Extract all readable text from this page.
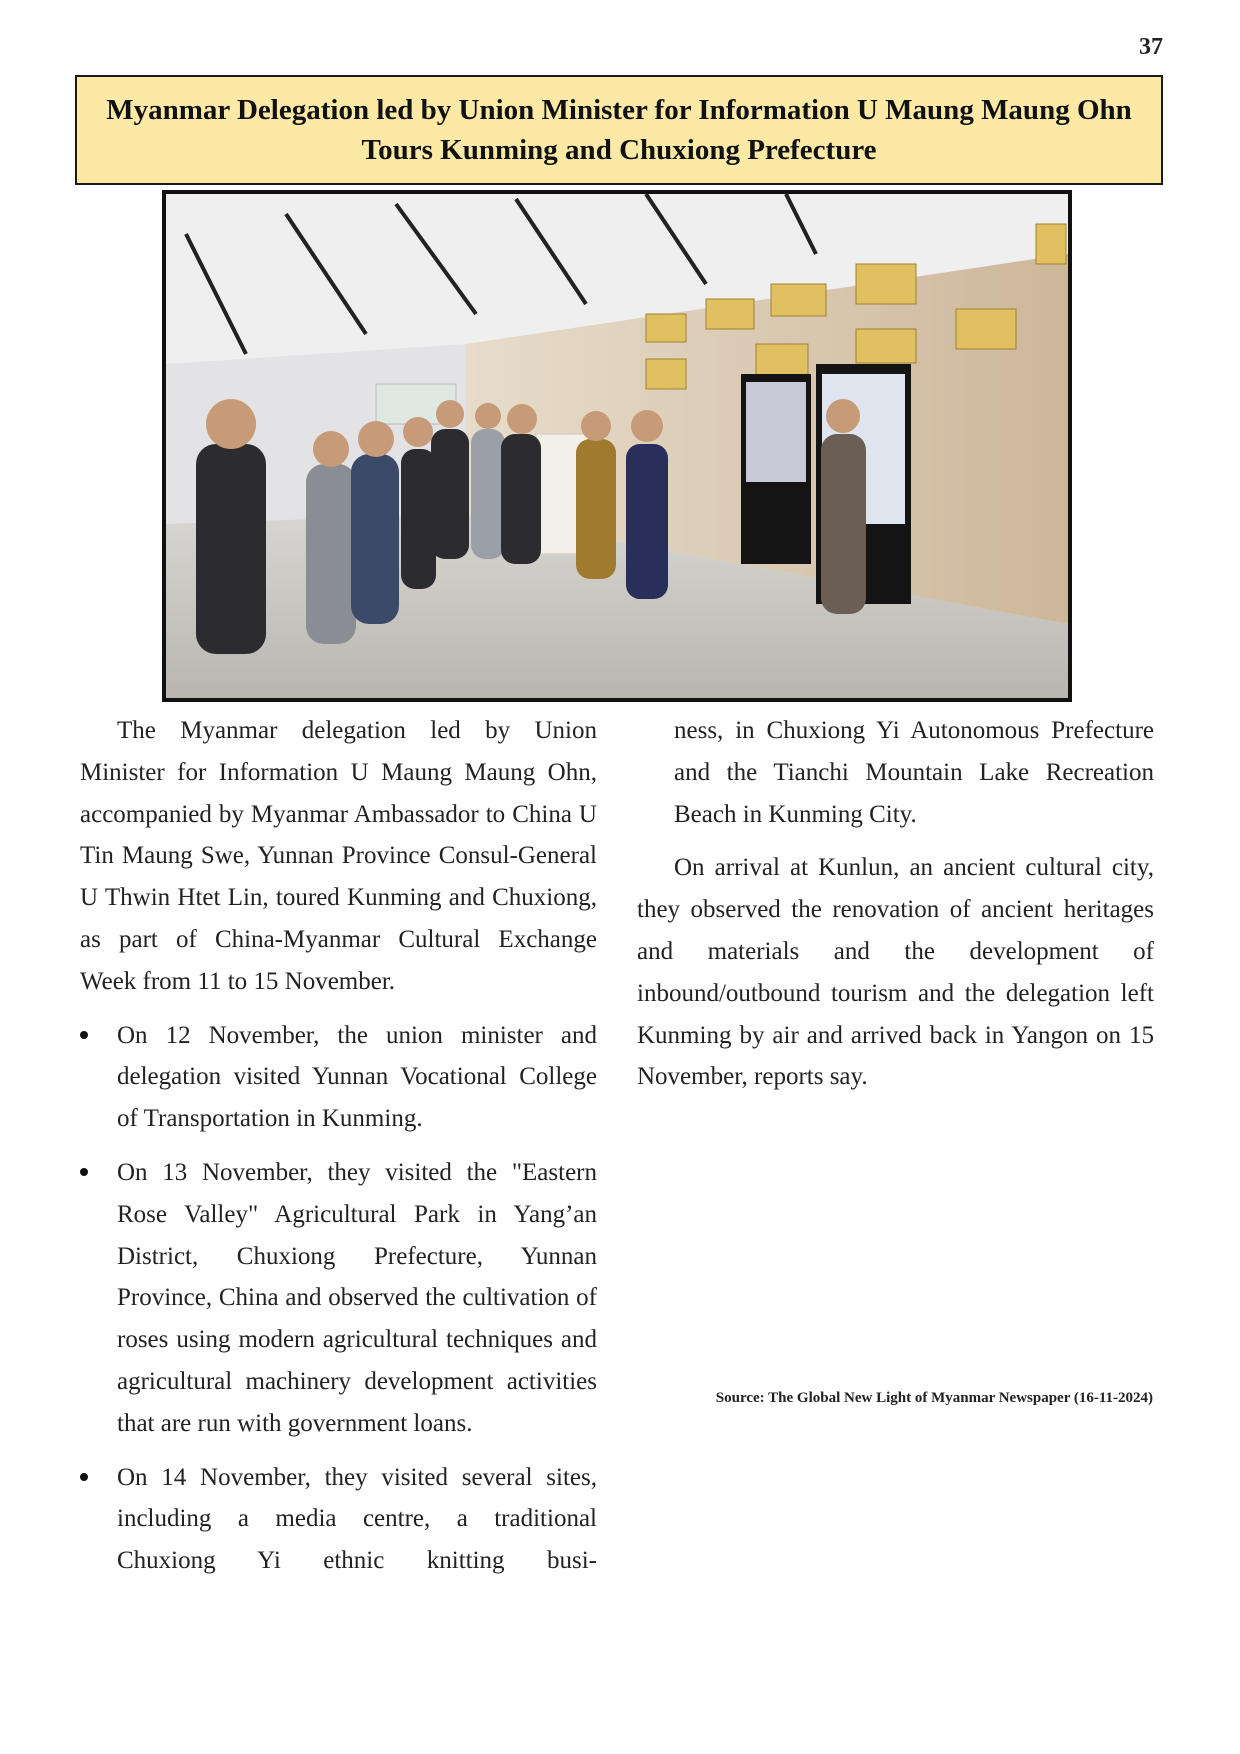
37
Myanmar Delegation led by Union Minister for Information U Maung Maung Ohn Tours Kunming and Chuxiong Prefecture

The Myanmar delegation led by Union Minister for Information U Maung Maung Ohn, accompanied by Myanmar Ambassador to China U Tin Maung Swe, Yunnan Province Consul-General U Thwin Htet Lin, toured Kunming and Chuxiong, as part of China-Myanmar Cultural Exchange Week from 11 to 15 November.

On 12 November, the union minister and delegation visited Yunnan Vocational College of Transportation in Kunming.
On 13 November, they visited the "Eastern Rose Valley" Agricultural Park in Yang’an District, Chuxiong Prefecture, Yunnan Province, China and observed the cultivation of roses using modern agricultural techniques and agricultural machinery development activities that are run with government loans.
On 14 November, they visited several sites, including a media centre, a traditional Chuxiong Yi ethnic knitting busi-

ness, in Chuxiong Yi Autonomous Prefecture and the Tianchi Mountain Lake Recreation Beach in Kunming City.

On arrival at Kunlun, an ancient cultural city, they observed the renovation of ancient heritages and materials and the development of inbound/outbound tourism and the delegation left Kunming by air and arrived back in Yangon on 15 November, reports say.

Source: The Global New Light of Myanmar Newspaper (16-11-2024)
